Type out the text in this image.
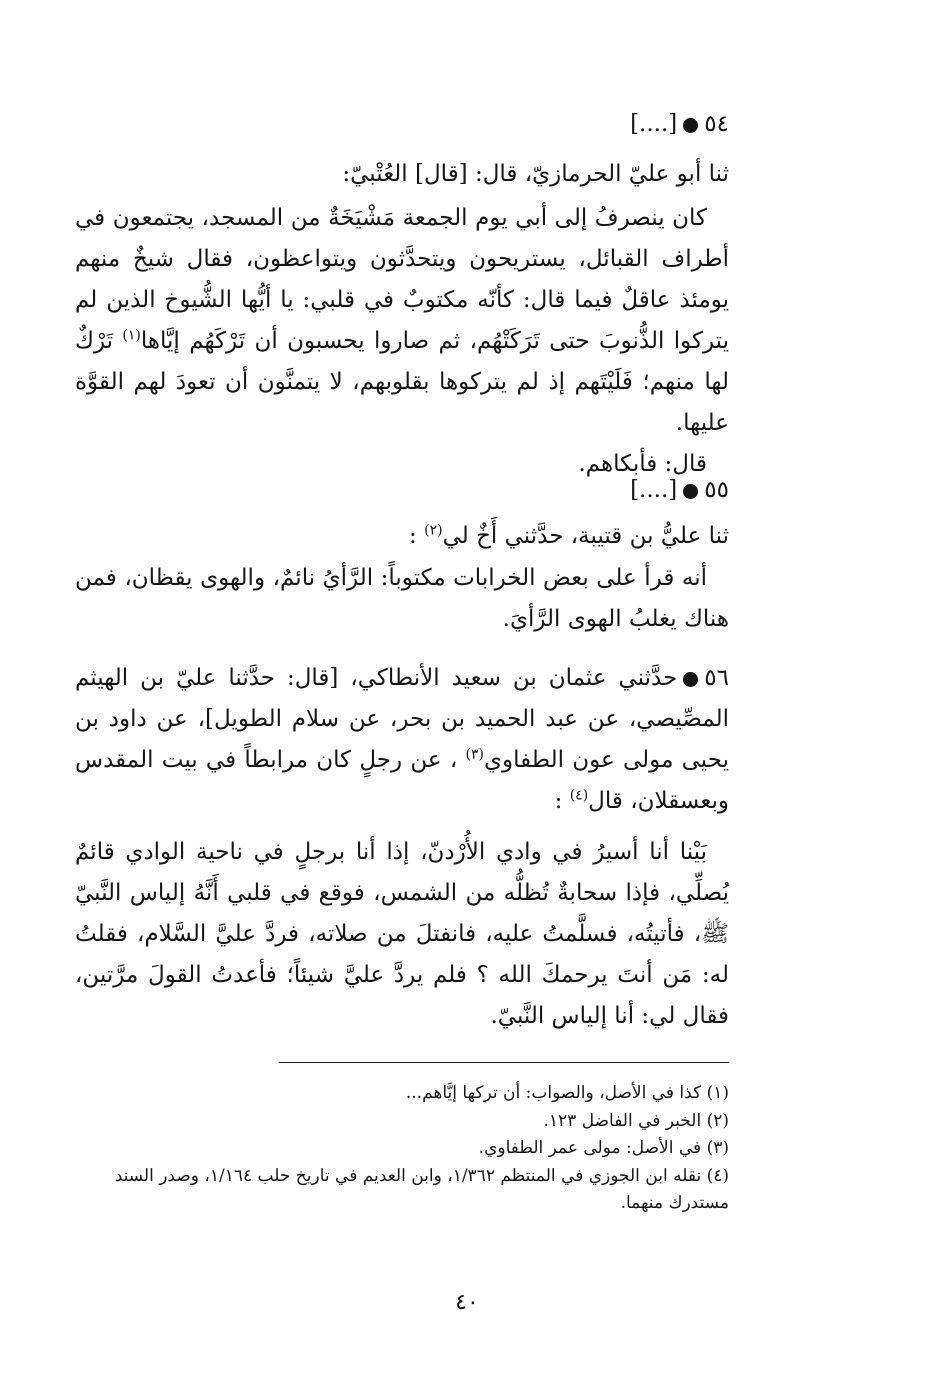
٥٤[....]

ثنا أبو عليّ الحرمازيّ، قال: [قال] العُتْبيّ:

كان ينصرفُ إلى أبي يوم الجمعة مَشْيَخَةٌ من المسجد، يجتمعون في أطراف القبائل، يستريحون ويتحدَّثون ويتواعظون، فقال شيخٌ منهم يومئذ عاقلٌ فيما قال: كأنّه مكتوبٌ في قلبي: يا أيُّها الشُّيوخ الذين لم يتركوا الذُّنوبَ حتى تَرَكَتْهُم، ثم صاروا يحسبون أن تَرْكَهُم إيَّاها$^{(١)}$ تَرْكٌ لها منهم؛ فَلَيْتَهم إذ لم يتركوها بقلوبهم، لا يتمنَّون أن تعودَ لهم القوَّة عليها.

قال: فأبكاهم.

٥٥[....]

ثنا عليُّ بن قتيبة، حدَّثني أَخٌ لي$^{(٢)}$ :

أنه قرأ على بعض الخرابات مكتوباً: الرَّأيُ نائمٌ، والهوى يقظان، فمن هناك يغلبُ الهوى الرَّأيَ.

٥٦حدَّثني عثمان بن سعيد الأنطاكي، [قال: حدَّثنا عليّ بن الهيثم المصِّيصي، عن عبد الحميد بن بحر، عن سلام الطويل]، عن داود بن يحيى مولى عون الطفاوي$^{(٣)}$ ، عن رجلٍ كان مرابطاً في بيت المقدس وبعسقلان، قال$^{(٤)}$ :

بَيْنا أنا أسيرُ في وادي الأُرْدنّ، إذا أنا برجلٍ في ناحية الوادي قائمٌ يُصلِّي، فإذا سحابةٌ تُظلُّه من الشمس، فوقع في قلبي أَنَّهُ إلياس النَّبيّ ﷺ، فأتيتُه، فسلَّمتُ عليه، فانفتلَ من صلاته، فردَّ عليَّ السَّلام، فقلتُ له: مَن أنتَ يرحمكَ الله ؟ فلم يردَّ عليَّ شيئاً؛ فأعدتُ القولَ مرَّتين، فقال لي: أنا إلياس النَّبيّ.

(١) كذا في الأصل، والصواب: أن تركها إيَّاهم...

(٢) الخبر في الفاضل ١٢٣.

(٣) في الأصل: مولى عمر الطفاوي.

(٤) نقله ابن الجوزي في المنتظم ١/٣٦٢، وابن العديم في تاريخ حلب ١/١٦٤، وصدر السند مستدرك منهما.

٤٠
